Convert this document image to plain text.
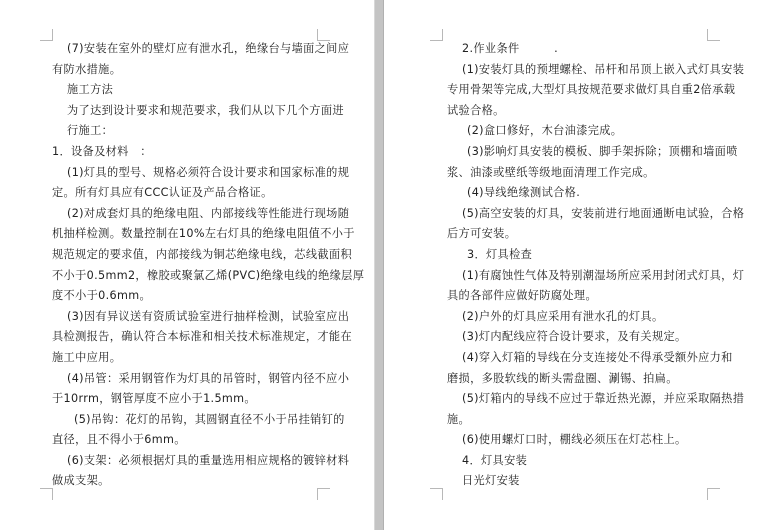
(7)安装在室外的壁灯应有泄水孔，绝缘台与墙面之间应
有防水措施。
施工方法
为了达到设计要求和规范要求，我们从以下几个方面进
行施工：
1．设备及材料　：
(1)灯具的型号、规格必须符合设计要求和国家标准的规
定。所有灯具应有CCC认证及产品合格证。
(2)对成套灯具的绝缘电阻、内部接线等性能进行现场随
机抽样检测。数量控制在10%左右灯具的绝缘电阻值不小于
规范规定的要求值，内部接线为铜芯绝缘电线，芯线截面积
不小于0.5mm2，橡胶或聚氯乙烯(PVC)绝缘电线的绝缘层厚
度不小于0.6mm。
(3)因有异议送有资质试验室进行抽样检测，试验室应出
具检测报告，确认符合本标准和相关技术标准规定，才能在
施工中应用。
(4)吊管：采用钢管作为灯具的吊管时，钢管内径不应小
于10rrm，钢管厚度不应小于1.5mm。
(5)吊钩：花灯的吊钩，其圆钢直径不小于吊挂销钉的
直径，且不得小于6mm。
(6)支架：必须根据灯具的重量选用相应规格的镀锌材料
做成支架。
2.作业条件　　　.
(1)安装灯具的预埋螺栓、吊杆和吊顶上嵌入式灯具安装
专用骨架等完成,大型灯具按规范要求做灯具自重2倍承载
试验合格。
(2)盒口修好，木台油漆完成。
(3)影响灯具安装的模板、脚手架拆除；顶棚和墙面喷
浆、油漆或壁纸等级地面清理工作完成。
(4)导线绝缘测试合格.
(5)高空安装的灯具，安装前进行地面通断电试验，合格
后方可安装。
3．灯具检查
(1)有腐蚀性气体及特别潮湿场所应采用封闭式灯具，灯
具的各部件应做好防腐处理。
(2)户外的灯具应采用有泄水孔的灯具。
(3)灯内配线应符合设计要求，及有关规定。
(4)穿入灯箱的导线在分支连接处不得承受额外应力和
磨损，多股软线的断头需盘圈、涮锡、拍扁。
(5)灯箱内的导线不应过于靠近热光源，并应采取隔热措
施。
(6)使用螺灯口时，棚线必须压在灯芯柱上。
4．灯具安装
日光灯安装
